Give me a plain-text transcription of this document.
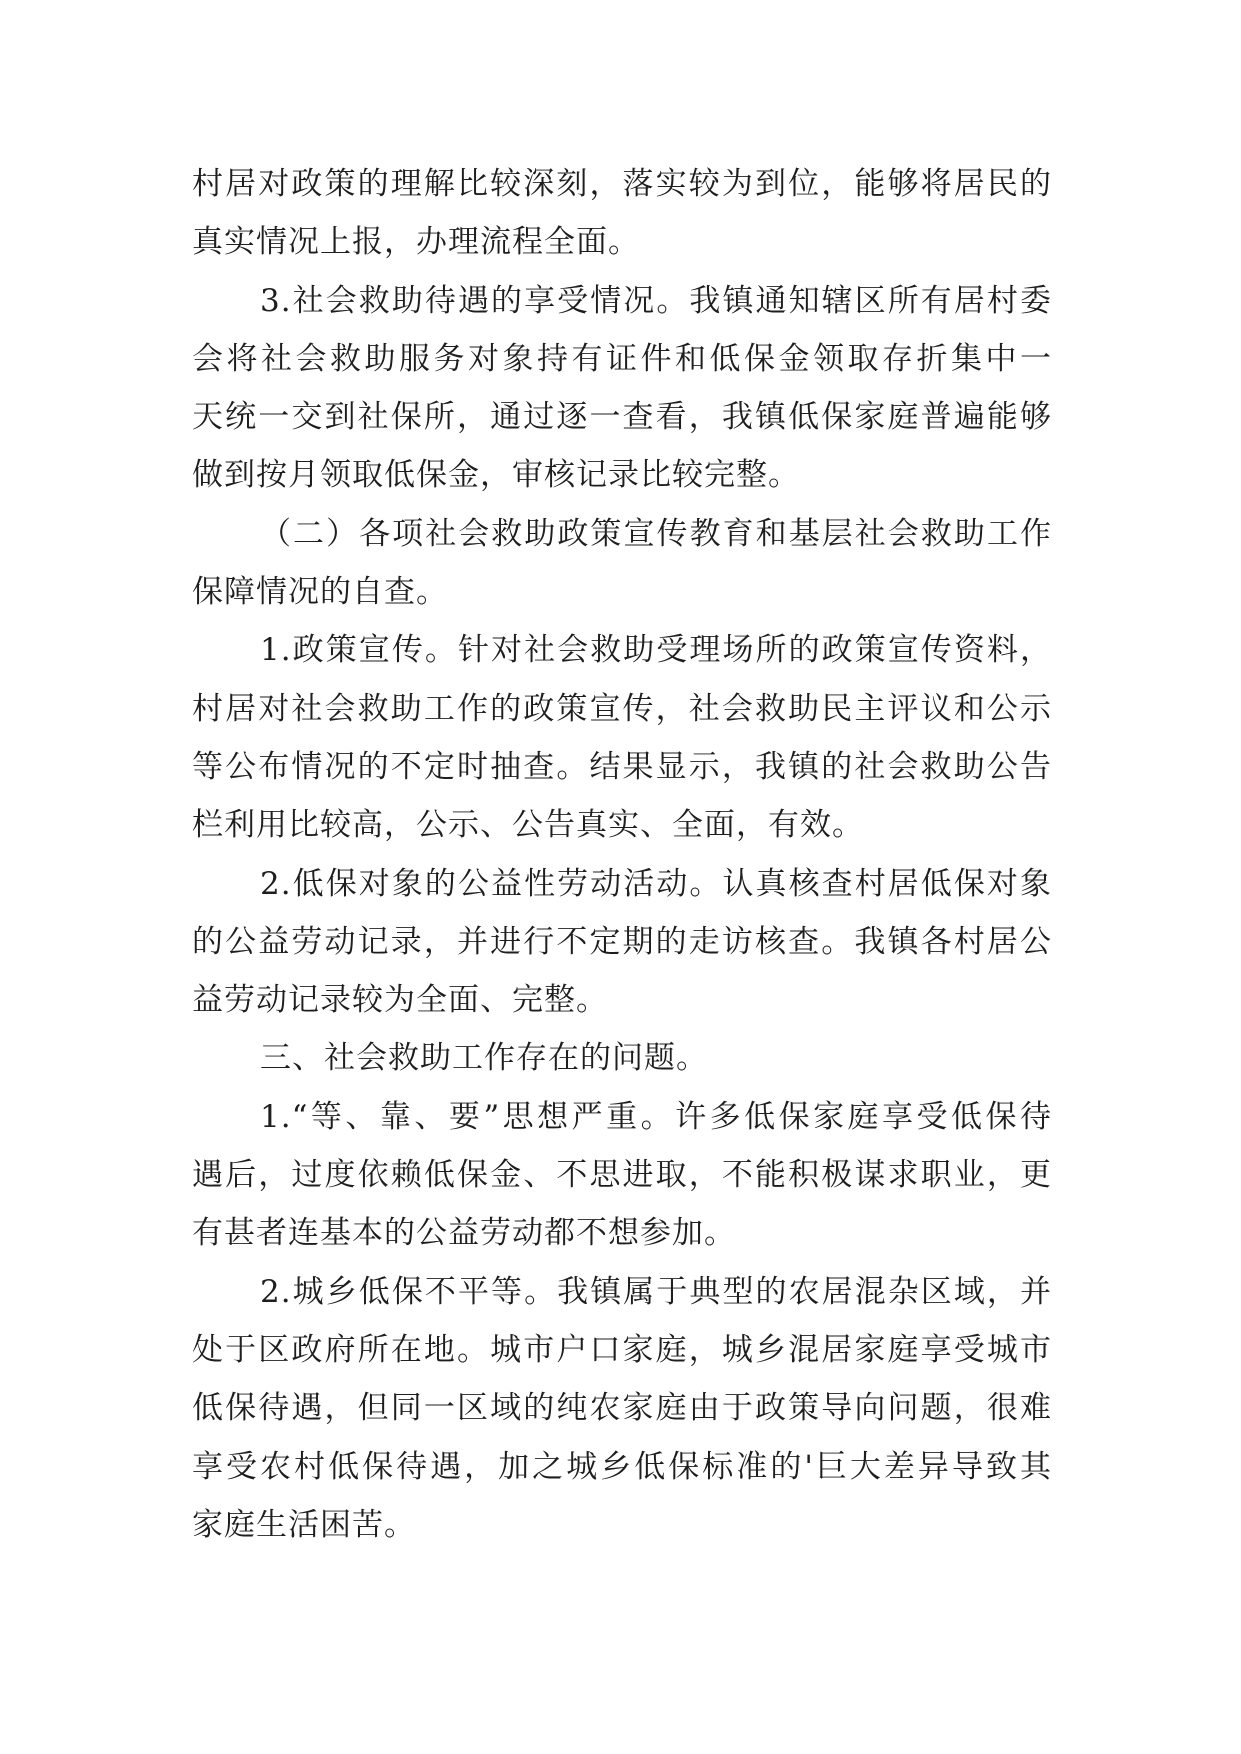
村居对政策的理解比较深刻，落实较为到位，能够将居民的
真实情况上报，办理流程全面。
3.社会救助待遇的享受情况。我镇通知辖区所有居村委
会将社会救助服务对象持有证件和低保金领取存折集中一
天统一交到社保所，通过逐一查看，我镇低保家庭普遍能够
做到按月领取低保金，审核记录比较完整。
（二）各项社会救助政策宣传教育和基层社会救助工作
保障情况的自查。
1.政策宣传。针对社会救助受理场所的政策宣传资料，
村居对社会救助工作的政策宣传，社会救助民主评议和公示
等公布情况的不定时抽查。结果显示，我镇的社会救助公告
栏利用比较高，公示、公告真实、全面，有效。
2.低保对象的公益性劳动活动。认真核查村居低保对象
的公益劳动记录，并进行不定期的走访核查。我镇各村居公
益劳动记录较为全面、完整。
三、社会救助工作存在的问题。
1.“等、靠、要”思想严重。许多低保家庭享受低保待
遇后，过度依赖低保金、不思进取，不能积极谋求职业，更
有甚者连基本的公益劳动都不想参加。
2.城乡低保不平等。我镇属于典型的农居混杂区域，并
处于区政府所在地。城市户口家庭，城乡混居家庭享受城市
低保待遇，但同一区域的纯农家庭由于政策导向问题，很难
享受农村低保待遇，加之城乡低保标准的'巨大差异导致其
家庭生活困苦。
